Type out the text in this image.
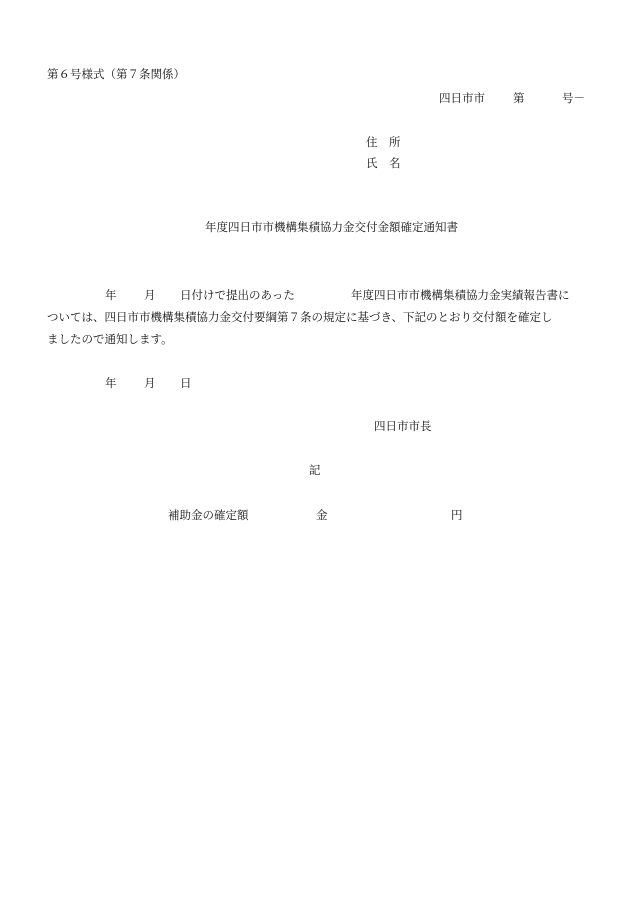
第６号様式（第７条関係）
四日市市 第	号－
住　所
氏　名
年度四日市市機構集積協力金交付金額確定通知書
年 月 日付けで提出のあった	年度四日市市機構集積協力金実績報告書に
ついては、四日市市機構集積協力金交付要綱第７条の規定に基づき、下記のとおり交付額を確定し
ましたので通知します。
年 月 日
四日市市長
記
補助金の確定額	金	円
